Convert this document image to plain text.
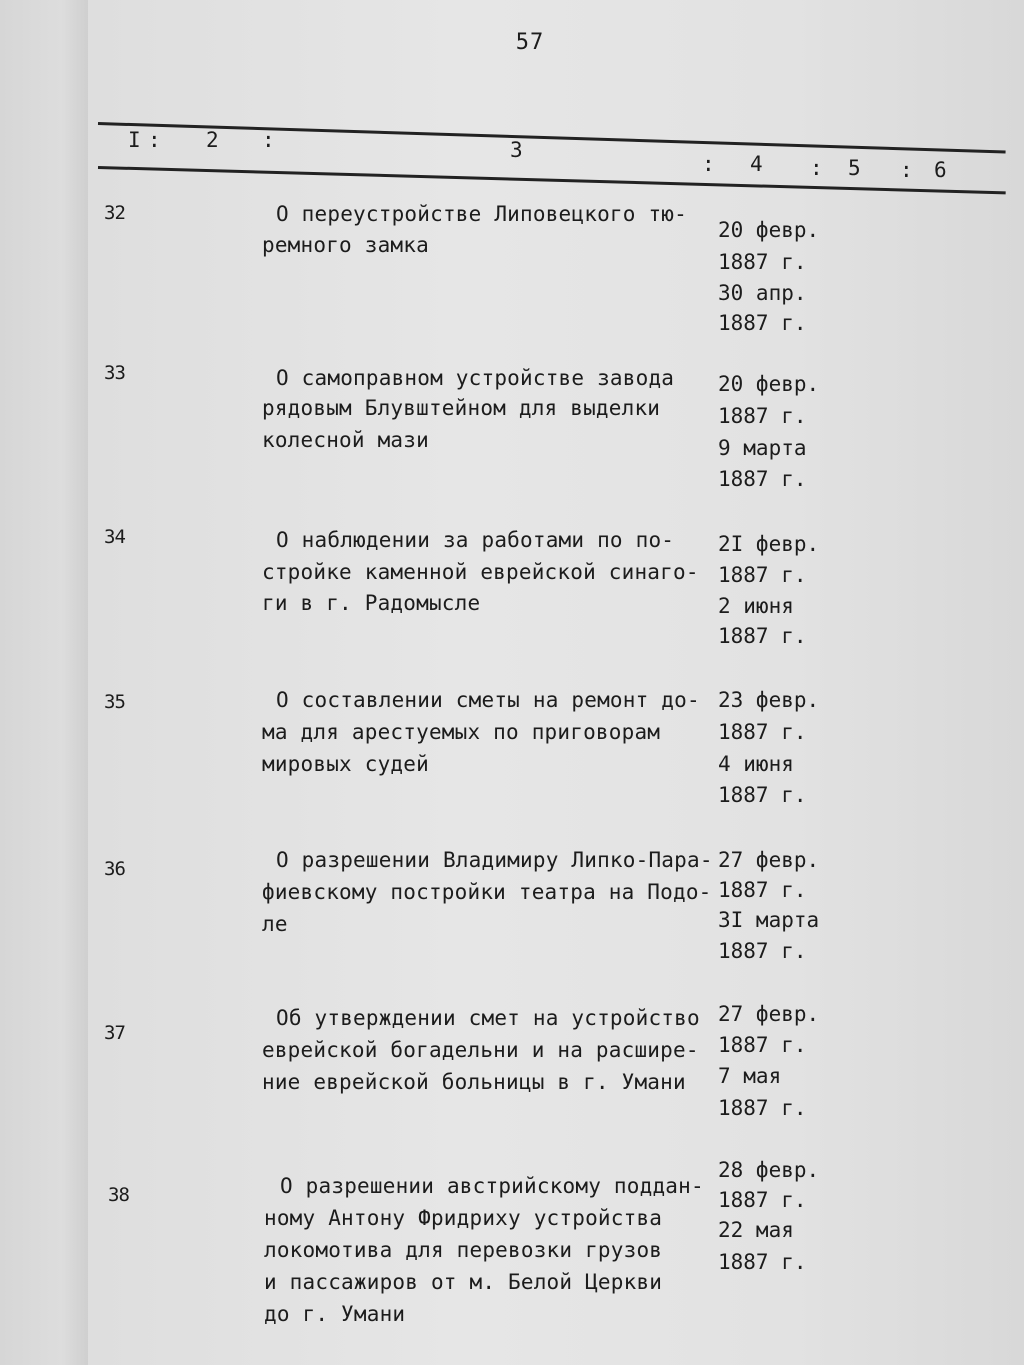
57
I : 2 :	3
: 4 : 5 : 6
32	О переустройстве Липовецкого тю-
ремного замка
20 февр.
1887 г.
30 апр.
1887 г.
33	О самоправном устройстве завода
рядовым Блувштейном для выделки
колесной мази
20 февр.
1887 г.
9 марта
1887 г.
34	О наблюдении за работами по по-
стройке каменной еврейской синаго-
ги в г. Радомысле
2I февр.
1887 г.
2 июня
1887 г.
35	О составлении сметы на ремонт до-
ма для арестуемых по приговорам
мировых судей
23 февр.
1887 г.
4 июня
1887 г.
36	О разрешении Владимиру Липко-Пара-
фиевскому постройки театра на Подо-
ле
27 февр.
1887 г.
3I марта
1887 г.
37
Об утверждении смет на устройство
еврейской богадельни и на расшире-
ние еврейской больницы в г. Умани
27 февр.
1887 г.
7 мая
1887 г.
38	О разрешении австрийскому поддан-
ному Антону Фридриху устройства
локомотива для перевозки грузов
и пассажиров от м. Белой Церкви
до г. Умани
28 февр.
1887 г.
22 мая
1887 г.
